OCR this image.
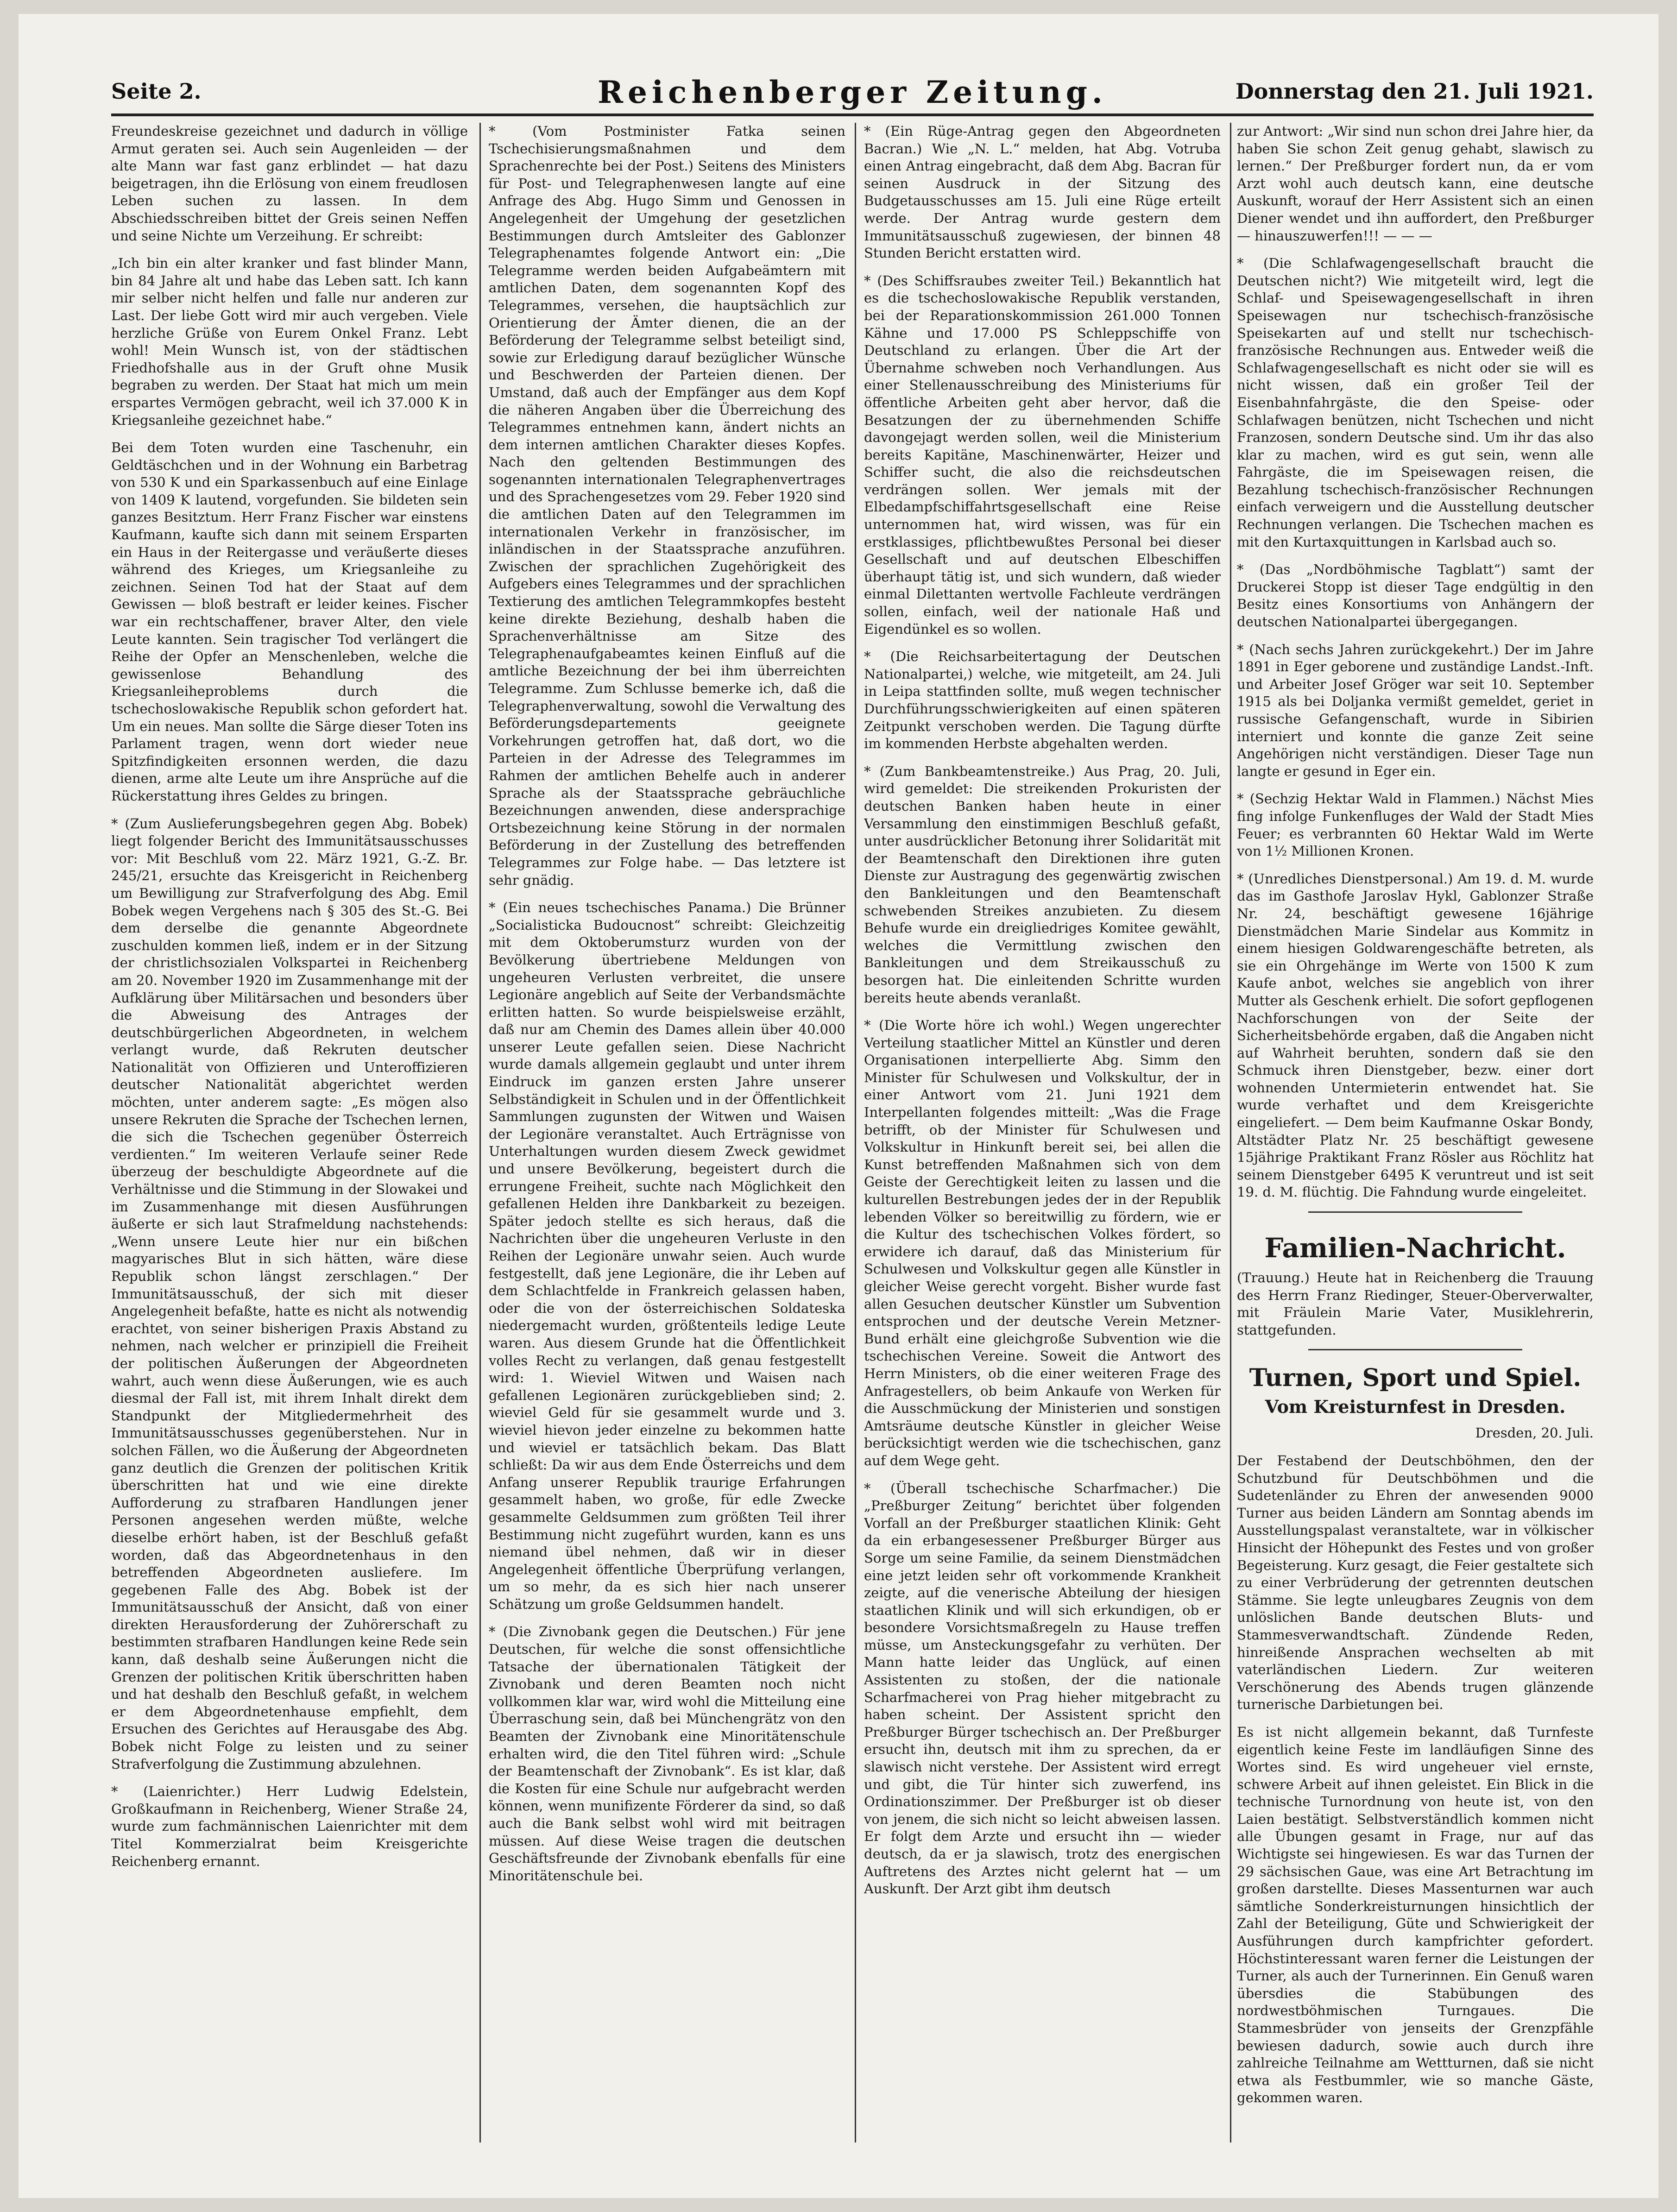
Seite 2.	Reichenberger Zeitung.	Donnerstag den 21. Juli 1921.

Freundeskreise gezeichnet und dadurch in völlige Armut geraten sei. Auch sein Augenleiden — der alte Mann war fast ganz erblindet — hat dazu beigetragen, ihn die Erlösung von einem freudlosen Leben suchen zu lassen. In dem Abschiedsschreiben bittet der Greis seinen Neffen und seine Nichte um Verzeihung. Er schreibt:

„Ich bin ein alter kranker und fast blinder Mann, bin 84 Jahre alt und habe das Leben satt. Ich kann mir selber nicht helfen und falle nur anderen zur Last. Der liebe Gott wird mir auch vergeben. Viele herzliche Grüße von Eurem Onkel Franz. Lebt wohl! Mein Wunsch ist, von der städtischen Friedhofshalle aus in der Gruft ohne Musik begraben zu werden. Der Staat hat mich um mein erspartes Vermögen gebracht, weil ich 37.000 K in Kriegsanleihe gezeichnet habe.“

Bei dem Toten wurden eine Taschenuhr, ein Geldtäschchen und in der Wohnung ein Barbetrag von 530 K und ein Sparkassenbuch auf eine Einlage von 1409 K lautend, vorgefunden. Sie bildeten sein ganzes Besitztum. Herr Franz Fischer war einstens Kaufmann, kaufte sich dann mit seinem Ersparten ein Haus in der Reitergasse und veräußerte dieses während des Krieges, um Kriegsanleihe zu zeichnen. Seinen Tod hat der Staat auf dem Gewissen — bloß bestraft er leider keines. Fischer war ein rechtschaffener, braver Alter, den viele Leute kannten. Sein tragischer Tod verlängert die Reihe der Opfer an Menschenleben, welche die gewissenlose Behandlung des Kriegsanleiheproblems durch die tschechoslowakische Republik schon gefordert hat. Um ein neues. Man sollte die Särge dieser Toten ins Parlament tragen, wenn dort wieder neue Spitzfindigkeiten ersonnen werden, die dazu dienen, arme alte Leute um ihre Ansprüche auf die Rückerstattung ihres Geldes zu bringen.

* (Zum Auslieferungsbegehren gegen Abg. Bobek) liegt folgender Bericht des Immunitätsausschusses vor: Mit Beschluß vom 22. März 1921, G.-Z. Br. 245/21, ersuchte das Kreisgericht in Reichenberg um Bewilligung zur Strafverfolgung des Abg. Emil Bobek wegen Vergehens nach § 305 des St.-G. Bei dem derselbe die genannte Abgeordnete zuschulden kommen ließ, indem er in der Sitzung der christlichsozialen Volkspartei in Reichenberg am 20. November 1920 im Zusammenhange mit der Aufklärung über Militärsachen und besonders über die Abweisung des Antrages der deutschbürgerlichen Abgeordneten, in welchem verlangt wurde, daß Rekruten deutscher Nationalität von Offizieren und Unteroffizieren deutscher Nationalität abgerichtet werden möchten, unter anderem sagte: „Es mögen also unsere Rekruten die Sprache der Tschechen lernen, die sich die Tschechen gegenüber Österreich verdienten.“ Im weiteren Verlaufe seiner Rede überzeug der beschuldigte Abgeordnete auf die Verhältnisse und die Stimmung in der Slowakei und im Zusammenhange mit diesen Ausführungen äußerte er sich laut Strafmeldung nachstehends: „Wenn unsere Leute hier nur ein bißchen magyarisches Blut in sich hätten, wäre diese Republik schon längst zerschlagen.“ Der Immunitätsausschuß, der sich mit dieser Angelegenheit befaßte, hatte es nicht als notwendig erachtet, von seiner bisherigen Praxis Abstand zu nehmen, nach welcher er prinzipiell die Freiheit der politischen Äußerungen der Abgeordneten wahrt, auch wenn diese Äußerungen, wie es auch diesmal der Fall ist, mit ihrem Inhalt direkt dem Standpunkt der Mitgliedermehrheit des Immunitätsausschusses gegenüberstehen. Nur in solchen Fällen, wo die Äußerung der Abgeordneten ganz deutlich die Grenzen der politischen Kritik überschritten hat und wie eine direkte Aufforderung zu strafbaren Handlungen jener Personen angesehen werden müßte, welche dieselbe erhört haben, ist der Beschluß gefaßt worden, daß das Abgeordnetenhaus in den betreffenden Abgeordneten ausliefere. Im gegebenen Falle des Abg. Bobek ist der Immunitätsausschuß der Ansicht, daß von einer direkten Herausforderung der Zuhörerschaft zu bestimmten strafbaren Handlungen keine Rede sein kann, daß deshalb seine Äußerungen nicht die Grenzen der politischen Kritik überschritten haben und hat deshalb den Beschluß gefaßt, in welchem er dem Abgeordnetenhause empfiehlt, dem Ersuchen des Gerichtes auf Herausgabe des Abg. Bobek nicht Folge zu leisten und zu seiner Strafverfolgung die Zustimmung abzulehnen.

* (Laienrichter.) Herr Ludwig Edelstein, Großkaufmann in Reichenberg, Wiener Straße 24, wurde zum fachmännischen Laienrichter mit dem Titel Kommerzialrat beim Kreisgerichte Reichenberg ernannt.

* (Vom Postminister Fatka seinen Tschechisierungsmaßnahmen und dem Sprachenrechte bei der Post.) Seitens des Ministers für Post- und Telegraphenwesen langte auf eine Anfrage des Abg. Hugo Simm und Genossen in Angelegenheit der Umgehung der gesetzlichen Bestimmungen durch Amtsleiter des Gablonzer Telegraphenamtes folgende Antwort ein: „Die Telegramme werden beiden Aufgabeämtern mit amtlichen Daten, dem sogenannten Kopf des Telegrammes, versehen, die hauptsächlich zur Orientierung der Ämter dienen, die an der Beförderung der Telegramme selbst beteiligt sind, sowie zur Erledigung darauf bezüglicher Wünsche und Beschwerden der Parteien dienen. Der Umstand, daß auch der Empfänger aus dem Kopf die näheren Angaben über die Überreichung des Telegrammes entnehmen kann, ändert nichts an dem internen amtlichen Charakter dieses Kopfes. Nach den geltenden Bestimmungen des sogenannten internationalen Telegraphenvertrages und des Sprachengesetzes vom 29. Feber 1920 sind die amtlichen Daten auf den Telegrammen im internationalen Verkehr in französischer, im inländischen in der Staatssprache anzuführen. Zwischen der sprachlichen Zugehörigkeit des Aufgebers eines Telegrammes und der sprachlichen Textierung des amtlichen Telegrammkopfes besteht keine direkte Beziehung, deshalb haben die Sprachenverhältnisse am Sitze des Telegraphenaufgabeamtes keinen Einfluß auf die amtliche Bezeichnung der bei ihm überreichten Telegramme. Zum Schlusse bemerke ich, daß die Telegraphenverwaltung, sowohl die Verwaltung des Beförderungsdepartements geeignete Vorkehrungen getroffen hat, daß dort, wo die Parteien in der Adresse des Telegrammes im Rahmen der amtlichen Behelfe auch in anderer Sprache als der Staatssprache gebräuchliche Bezeichnungen anwenden, diese andersprachige Ortsbezeichnung keine Störung in der normalen Beförderung in der Zustellung des betreffenden Telegrammes zur Folge habe. — Das letztere ist sehr gnädig.

* (Ein neues tschechisches Panama.) Die Brünner „Socialisticka Budoucnost“ schreibt: Gleichzeitig mit dem Oktoberumsturz wurden von der Bevölkerung übertriebene Meldungen von ungeheuren Verlusten verbreitet, die unsere Legionäre angeblich auf Seite der Verbandsmächte erlitten hatten. So wurde beispielsweise erzählt, daß nur am Chemin des Dames allein über 40.000 unserer Leute gefallen seien. Diese Nachricht wurde damals allgemein geglaubt und unter ihrem Eindruck im ganzen ersten Jahre unserer Selbständigkeit in Schulen und in der Öffentlichkeit Sammlungen zugunsten der Witwen und Waisen der Legionäre veranstaltet. Auch Erträgnisse von Unterhaltungen wurden diesem Zweck gewidmet und unsere Bevölkerung, begeistert durch die errungene Freiheit, suchte nach Möglichkeit den gefallenen Helden ihre Dankbarkeit zu bezeigen. Später jedoch stellte es sich heraus, daß die Nachrichten über die ungeheuren Verluste in den Reihen der Legionäre unwahr seien. Auch wurde festgestellt, daß jene Legionäre, die ihr Leben auf dem Schlachtfelde in Frankreich gelassen haben, oder die von der österreichischen Soldateska niedergemacht wurden, größtenteils ledige Leute waren. Aus diesem Grunde hat die Öffentlichkeit volles Recht zu verlangen, daß genau festgestellt wird: 1. Wieviel Witwen und Waisen nach gefallenen Legionären zurückgeblieben sind; 2. wieviel Geld für sie gesammelt wurde und 3. wieviel hievon jeder einzelne zu bekommen hatte und wieviel er tatsächlich bekam. Das Blatt schließt: Da wir aus dem Ende Österreichs und dem Anfang unserer Republik traurige Erfahrungen gesammelt haben, wo große, für edle Zwecke gesammelte Geldsummen zum größten Teil ihrer Bestimmung nicht zugeführt wurden, kann es uns niemand übel nehmen, daß wir in dieser Angelegenheit öffentliche Überprüfung verlangen, um so mehr, da es sich hier nach unserer Schätzung um große Geldsummen handelt.

* (Die Zivnobank gegen die Deutschen.) Für jene Deutschen, für welche die sonst offensichtliche Tatsache der übernationalen Tätigkeit der Zivnobank und deren Beamten noch nicht vollkommen klar war, wird wohl die Mitteilung eine Überraschung sein, daß bei Münchengrätz von den Beamten der Zivnobank eine Minoritätenschule erhalten wird, die den Titel führen wird: „Schule der Beamtenschaft der Zivnobank“. Es ist klar, daß die Kosten für eine Schule nur aufgebracht werden können, wenn munifizente Förderer da sind, so daß auch die Bank selbst wohl wird mit beitragen müssen. Auf diese Weise tragen die deutschen Geschäftsfreunde der Zivnobank ebenfalls für eine Minoritätenschule bei.

* (Ein Rüge-Antrag gegen den Abgeordneten Bacran.) Wie „N. L.“ melden, hat Abg. Votruba einen Antrag eingebracht, daß dem Abg. Bacran für seinen Ausdruck in der Sitzung des Budgetausschusses am 15. Juli eine Rüge erteilt werde. Der Antrag wurde gestern dem Immunitätsausschuß zugewiesen, der binnen 48 Stunden Bericht erstatten wird.

* (Des Schiffsraubes zweiter Teil.) Bekanntlich hat es die tschechoslowakische Republik verstanden, bei der Reparationskommission 261.000 Tonnen Kähne und 17.000 PS Schleppschiffe von Deutschland zu erlangen. Über die Art der Übernahme schweben noch Verhandlungen. Aus einer Stellenausschreibung des Ministeriums für öffentliche Arbeiten geht aber hervor, daß die Besatzungen der zu übernehmenden Schiffe davongejagt werden sollen, weil die Ministerium bereits Kapitäne, Maschinenwärter, Heizer und Schiffer sucht, die also die reichsdeutschen verdrängen sollen. Wer jemals mit der Elbedampfschiffahrtsgesellschaft eine Reise unternommen hat, wird wissen, was für ein erstklassiges, pflichtbewußtes Personal bei dieser Gesellschaft und auf deutschen Elbeschiffen überhaupt tätig ist, und sich wundern, daß wieder einmal Dilettanten wertvolle Fachleute verdrängen sollen, einfach, weil der nationale Haß und Eigendünkel es so wollen.

* (Die Reichsarbeitertagung der Deutschen Nationalpartei,) welche, wie mitgeteilt, am 24. Juli in Leipa stattfinden sollte, muß wegen technischer Durchführungsschwierigkeiten auf einen späteren Zeitpunkt verschoben werden. Die Tagung dürfte im kommenden Herbste abgehalten werden.

* (Zum Bankbeamtenstreike.) Aus Prag, 20. Juli, wird gemeldet: Die streikenden Prokuristen der deutschen Banken haben heute in einer Versammlung den einstimmigen Beschluß gefaßt, unter ausdrücklicher Betonung ihrer Solidarität mit der Beamtenschaft den Direktionen ihre guten Dienste zur Austragung des gegenwärtig zwischen den Bankleitungen und den Beamtenschaft schwebenden Streikes anzubieten. Zu diesem Behufe wurde ein dreigliedriges Komitee gewählt, welches die Vermittlung zwischen den Bankleitungen und dem Streikausschuß zu besorgen hat. Die einleitenden Schritte wurden bereits heute abends veranlaßt.

* (Die Worte höre ich wohl.) Wegen ungerechter Verteilung staatlicher Mittel an Künstler und deren Organisationen interpellierte Abg. Simm den Minister für Schulwesen und Volkskultur, der in einer Antwort vom 21. Juni 1921 dem Interpellanten folgendes mitteilt: „Was die Frage betrifft, ob der Minister für Schulwesen und Volkskultur in Hinkunft bereit sei, bei allen die Kunst betreffenden Maßnahmen sich von dem Geiste der Gerechtigkeit leiten zu lassen und die kulturellen Bestrebungen jedes der in der Republik lebenden Völker so bereitwillig zu fördern, wie er die Kultur des tschechischen Volkes fördert, so erwidere ich darauf, daß das Ministerium für Schulwesen und Volkskultur gegen alle Künstler in gleicher Weise gerecht vorgeht. Bisher wurde fast allen Gesuchen deutscher Künstler um Subvention entsprochen und der deutsche Verein Metzner-Bund erhält eine gleichgroße Subvention wie die tschechischen Vereine. Soweit die Antwort des Herrn Ministers, ob die einer weiteren Frage des Anfragestellers, ob beim Ankaufe von Werken für die Ausschmückung der Ministerien und sonstigen Amtsräume deutsche Künstler in gleicher Weise berücksichtigt werden wie die tschechischen, ganz auf dem Wege geht.

* (Überall tschechische Scharfmacher.) Die „Preßburger Zeitung“ berichtet über folgenden Vorfall an der Preßburger staatlichen Klinik: Geht da ein erbangesessener Preßburger Bürger aus Sorge um seine Familie, da seinem Dienstmädchen eine jetzt leiden sehr oft vorkommende Krankheit zeigte, auf die venerische Abteilung der hiesigen staatlichen Klinik und will sich erkundigen, ob er besondere Vorsichtsmaßregeln zu Hause treffen müsse, um Ansteckungsgefahr zu verhüten. Der Mann hatte leider das Unglück, auf einen Assistenten zu stoßen, der die nationale Scharfmacherei von Prag hieher mitgebracht zu haben scheint. Der Assistent spricht den Preßburger Bürger tschechisch an. Der Preßburger ersucht ihn, deutsch mit ihm zu sprechen, da er slawisch nicht verstehe. Der Assistent wird erregt und gibt, die Tür hinter sich zuwerfend, ins Ordinationszimmer. Der Preßburger ist ob dieser von jenem, die sich nicht so leicht abweisen lassen. Er folgt dem Arzte und ersucht ihn — wieder deutsch, da er ja slawisch, trotz des energischen Auftretens des Arztes nicht gelernt hat — um Auskunft. Der Arzt gibt ihm deutsch

zur Antwort: „Wir sind nun schon drei Jahre hier, da haben Sie schon Zeit genug gehabt, slawisch zu lernen.“ Der Preßburger fordert nun, da er vom Arzt wohl auch deutsch kann, eine deutsche Auskunft, worauf der Herr Assistent sich an einen Diener wendet und ihn auffordert, den Preßburger — hinauszuwerfen!!! — — —

* (Die Schlafwagengesellschaft braucht die Deutschen nicht?) Wie mitgeteilt wird, legt die Schlaf- und Speisewagengesellschaft in ihren Speisewagen nur tschechisch-französische Speisekarten auf und stellt nur tschechisch-französische Rechnungen aus. Entweder weiß die Schlafwagengesellschaft es nicht oder sie will es nicht wissen, daß ein großer Teil der Eisenbahnfahrgäste, die den Speise- oder Schlafwagen benützen, nicht Tschechen und nicht Franzosen, sondern Deutsche sind. Um ihr das also klar zu machen, wird es gut sein, wenn alle Fahrgäste, die im Speisewagen reisen, die Bezahlung tschechisch-französischer Rechnungen einfach verweigern und die Ausstellung deutscher Rechnungen verlangen. Die Tschechen machen es mit den Kurtaxquittungen in Karlsbad auch so.

* (Das „Nordböhmische Tagblatt“) samt der Druckerei Stopp ist dieser Tage endgültig in den Besitz eines Konsortiums von Anhängern der deutschen Nationalpartei übergegangen.

* (Nach sechs Jahren zurückgekehrt.) Der im Jahre 1891 in Eger geborene und zuständige Landst.-Inft. und Arbeiter Josef Gröger war seit 10. September 1915 als bei Doljanka vermißt gemeldet, geriet in russische Gefangenschaft, wurde in Sibirien interniert und konnte die ganze Zeit seine Angehörigen nicht verständigen. Dieser Tage nun langte er gesund in Eger ein.

* (Sechzig Hektar Wald in Flammen.) Nächst Mies fing infolge Funkenfluges der Wald der Stadt Mies Feuer; es verbrannten 60 Hektar Wald im Werte von 1½ Millionen Kronen.

* (Unredliches Dienstpersonal.) Am 19. d. M. wurde das im Gasthofe Jaroslav Hykl, Gablonzer Straße Nr. 24, beschäftigt gewesene 16jährige Dienstmädchen Marie Sindelar aus Kommitz in einem hiesigen Goldwarengeschäfte betreten, als sie ein Ohrgehänge im Werte von 1500 K zum Kaufe anbot, welches sie angeblich von ihrer Mutter als Geschenk erhielt. Die sofort gepflogenen Nachforschungen von der Seite der Sicherheitsbehörde ergaben, daß die Angaben nicht auf Wahrheit beruhten, sondern daß sie den Schmuck ihren Dienstgeber, bezw. einer dort wohnenden Untermieterin entwendet hat. Sie wurde verhaftet und dem Kreisgerichte eingeliefert. — Dem beim Kaufmanne Oskar Bondy, Altstädter Platz Nr. 25 beschäftigt gewesene 15jährige Praktikant Franz Rösler aus Röchlitz hat seinem Dienstgeber 6495 K veruntreut und ist seit 19. d. M. flüchtig. Die Fahndung wurde eingeleitet.

Familien-Nachricht.

(Trauung.) Heute hat in Reichenberg die Trauung des Herrn Franz Riedinger, Steuer-Oberverwalter, mit Fräulein Marie Vater, Musiklehrerin, stattgefunden.

Turnen, Sport und Spiel.
Vom Kreisturnfest in Dresden.

Dresden, 20. Juli.

Der Festabend der Deutschböhmen, den der Schutzbund für Deutschböhmen und die Sudetenländer zu Ehren der anwesenden 9000 Turner aus beiden Ländern am Sonntag abends im Ausstellungspalast veranstaltete, war in völkischer Hinsicht der Höhepunkt des Festes und von großer Begeisterung. Kurz gesagt, die Feier gestaltete sich zu einer Verbrüderung der getrennten deutschen Stämme. Sie legte unleugbares Zeugnis von dem unlöslichen Bande deutschen Bluts- und Stammesverwandtschaft. Zündende Reden, hinreißende Ansprachen wechselten ab mit vaterländischen Liedern. Zur weiteren Verschönerung des Abends trugen glänzende turnerische Darbietungen bei.

Es ist nicht allgemein bekannt, daß Turnfeste eigentlich keine Feste im landläufigen Sinne des Wortes sind. Es wird ungeheuer viel ernste, schwere Arbeit auf ihnen geleistet. Ein Blick in die technische Turnordnung von heute ist, von den Laien bestätigt. Selbstverständlich kommen nicht alle Übungen gesamt in Frage, nur auf das Wichtigste sei hingewiesen. Es war das Turnen der 29 sächsischen Gaue, was eine Art Betrachtung im großen darstellte. Dieses Massenturnen war auch sämtliche Sonderkreisturnungen hinsichtlich der Zahl der Beteiligung, Güte und Schwierigkeit der Ausführungen durch kampfrichter gefordert. Höchstinteressant waren ferner die Leistungen der Turner, als auch der Turnerinnen. Ein Genuß waren übersdies die Stabübungen des nordwestböhmischen Turngaues. Die Stammesbrüder von jenseits der Grenzpfähle bewiesen dadurch, sowie auch durch ihre zahlreiche Teilnahme am Wettturnen, daß sie nicht etwa als Festbummler, wie so manche Gäste, gekommen waren.
